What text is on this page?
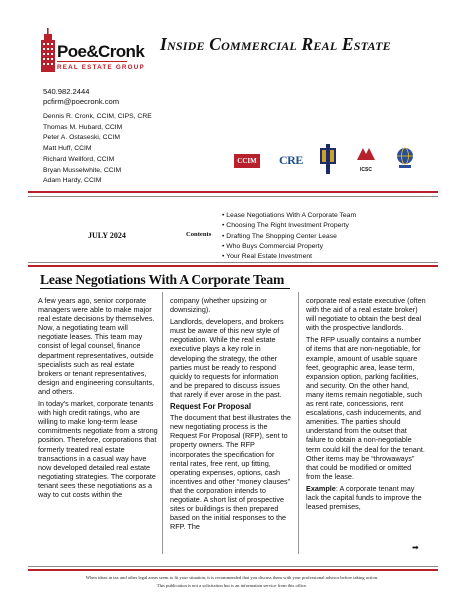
Poe&Cronk
REAL ESTATE GROUP
Inside Commercial Real Estate
540.982.2444
pcfirm@poecronk.com
Dennis R. Cronk, CCIM, CIPS, CRE
Thomas M. Hubard, CCIM
Peter A. Ostaseski, CCIM
Matt Huff, CCIM
Richard Wellford, CCIM
Bryan Musselwhite, CCIM
Adam Hardy, CCIM
CCIM CRE
ICSC
JULY 2024	Contents
• Lease Negotiations With A Corporate Team
• Choosing The Right Investment Property
• Drafting The Shopping Center Lease
• Who Buys Commercial Property
• Your Real Estate Investment
Lease Negotiations With A Corporate Team

A few years ago, senior corporate managers were able to make major real estate decisions by themselves. Now, a negotiating team will negotiate leases. This team may consist of legal counsel, finance department representatives, outside specialists such as real estate brokers or tenant representatives, design and engineering consultants, and others.

In today's market, corporate tenants with high credit ratings, who are willing to make long-term lease commitments negotiate from a strong position. Therefore, corporations that formerly treated real estate transactions in a casual way have now developed detailed real estate negotiating strategies. The corporate tenant sees these negotiations as a way to cut costs within the

company (whether upsizing or downsizing).

Landlords, developers, and brokers must be aware of this new style of negotiation. While the real estate executive plays a key role in developing the strategy, the other parties must be ready to respond quickly to requests for information and be prepared to discuss issues that rarely if ever arose in the past.

Request For Proposal

The document that best illustrates the new negotiating process is the Request For Proposal (RFP), sent to property owners. The RFP incorporates the specification for rental rates, free rent, up fitting, operating expenses, options, cash incentives and other “money clauses” that the corporation intends to negotiate. A short list of prospective sites or buildings is then prepared based on the initial responses to the RFP. The

corporate real estate executive (often with the aid of a real estate broker) will negotiate to obtain the best deal with the prospective landlords.

The RFP usually contains a number of items that are non-negotiable, for example, amount of usable square feet, geographic area, lease term, expansion option, parking facilities, and security. On the other hand, many items remain negotiable, such as rent rate, concessions, rent escalations, cash inducements, and amenities. The parties should understand from the outset that failure to obtain a non-negotiable term could kill the deal for the tenant. Other items may be “throwaways” that could be modified or omitted from the lease.

Example: A corporate tenant may lack the capital funds to improve the leased premises,

➡
When ideas in tax and other legal areas seem to fit your situation, it is recommended that you discuss them with your professional advisor before taking action.
This publication is not a solicitation but is an information service from this office.
